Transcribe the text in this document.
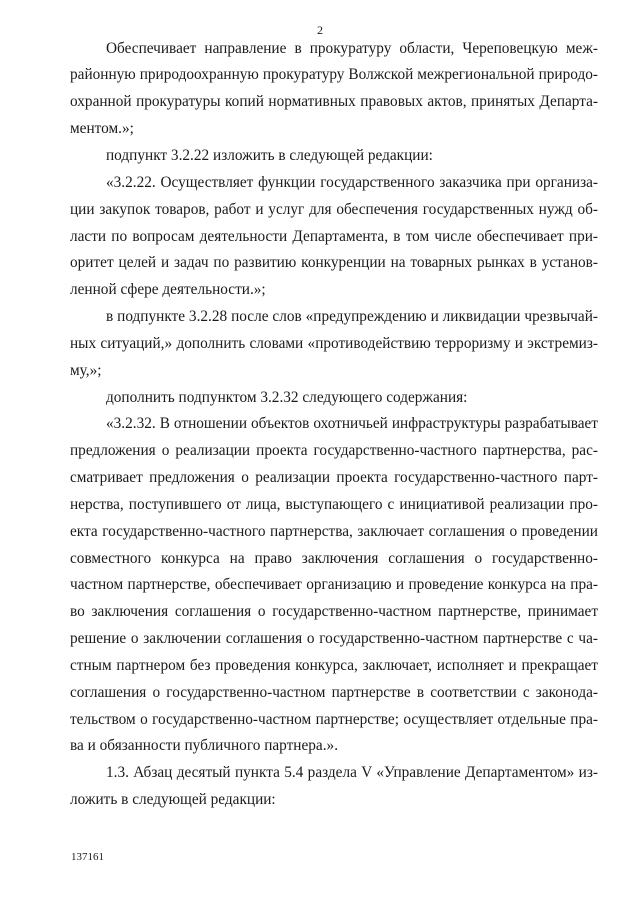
2
Обеспечивает направление в прокуратуру области, Череповецкую меж-
районную природоохранную прокуратуру Волжской межрегиональной природо-
охранной прокуратуры копий нормативных правовых актов, принятых Департа-
ментом.»;
подпункт 3.2.22 изложить в следующей редакции:
«3.2.22. Осуществляет функции государственного заказчика при организа-
ции закупок товаров, работ и услуг для обеспечения государственных нужд об-
ласти по вопросам деятельности Департамента, в том числе обеспечивает при-
оритет целей и задач по развитию конкуренции на товарных рынках в установ-
ленной сфере деятельности.»;
в подпункте 3.2.28 после слов «предупреждению и ликвидации чрезвычай-
ных ситуаций,» дополнить словами «противодействию терроризму и экстремиз-
му,»;
дополнить подпунктом 3.2.32 следующего содержания:
«3.2.32. В отношении объектов охотничьей инфраструктуры разрабатывает
предложения о реализации проекта государственно-частного партнерства, рас-
сматривает предложения о реализации проекта государственно-частного парт-
нерства, поступившего от лица, выступающего с инициативой реализации про-
екта государственно-частного партнерства, заключает соглашения о проведении
совместного конкурса на право заключения соглашения о государственно-
частном партнерстве, обеспечивает организацию и проведение конкурса на пра-
во заключения соглашения о государственно-частном партнерстве, принимает
решение о заключении соглашения о государственно-частном партнерстве с ча-
стным партнером без проведения конкурса, заключает, исполняет и прекращает
соглашения о государственно-частном партнерстве в соответствии с законода-
тельством о государственно-частном партнерстве; осуществляет отдельные пра-
ва и обязанности публичного партнера.».
1.3. Абзац десятый пункта 5.4 раздела V «Управление Департаментом» из-
ложить в следующей редакции:
137161
